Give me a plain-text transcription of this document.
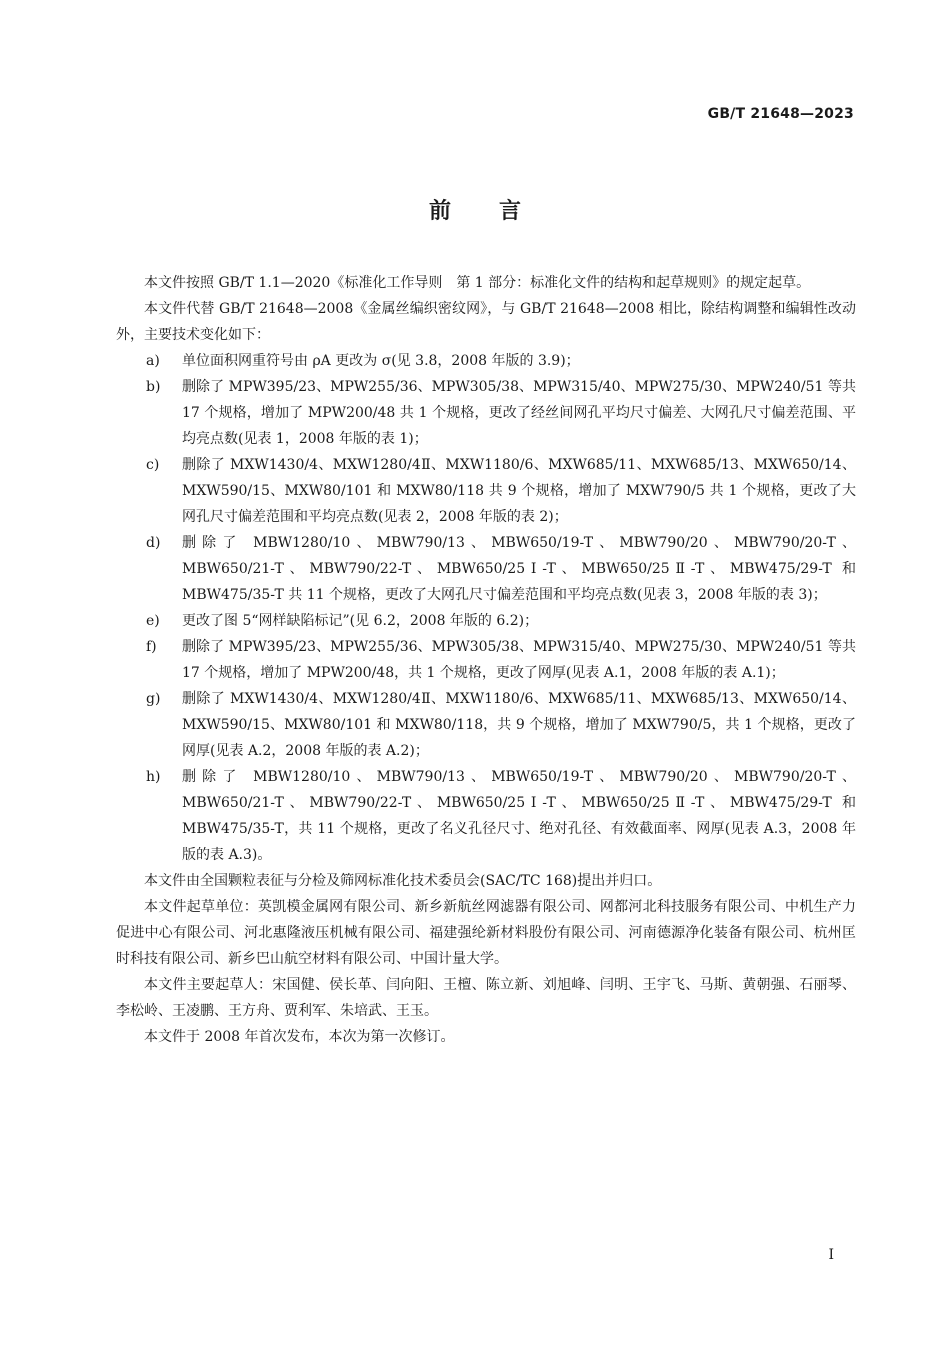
GB/T 21648—2023
前言
本文件按照 GB/T 1.1—2020《标准化工作导则　第 1 部分：标准化文件的结构和起草规则》的规定起草。
本文件代替 GB/T 21648—2008《金属丝编织密纹网》，与 GB/T 21648—2008 相比，除结构调整和编辑性改动外，主要技术变化如下：
a)	单位面积网重符号由 ρA 更改为 σ(见 3.8，2008 年版的 3.9)；
b)	删除了 MPW395/23、MPW255/36、MPW305/38、MPW315/40、MPW275/30、MPW240/51 等共 17 个规格，增加了 MPW200/48 共 1 个规格，更改了经丝间网孔平均尺寸偏差、大网孔尺寸偏差范围、平均亮点数(见表 1，2008 年版的表 1)；
c)	删除了 MXW1430/4、MXW1280/4Ⅱ、MXW1180/6、MXW685/11、MXW685/13、MXW650/14、MXW590/15、MXW80/101 和 MXW80/118 共 9 个规格，增加了 MXW790/5 共 1 个规格，更改了大网孔尺寸偏差范围和平均亮点数(见表 2，2008 年版的表 2)；
d)	删除了 MBW1280/10、MBW790/13、MBW650/19-T、MBW790/20、MBW790/20-T、MBW650/21-T、MBW790/22-T、MBW650/25Ⅰ-T、MBW650/25Ⅱ-T、MBW475/29-T 和 MBW475/35-T 共 11 个规格，更改了大网孔尺寸偏差范围和平均亮点数(见表 3，2008 年版的表 3)；
e)	更改了图 5“网样缺陷标记”(见 6.2，2008 年版的 6.2)；
f)	删除了 MPW395/23、MPW255/36、MPW305/38、MPW315/40、MPW275/30、MPW240/51 等共 17 个规格，增加了 MPW200/48，共 1 个规格，更改了网厚(见表 A.1，2008 年版的表 A.1)；
g)	删除了 MXW1430/4、MXW1280/4Ⅱ、MXW1180/6、MXW685/11、MXW685/13、MXW650/14、MXW590/15、MXW80/101 和 MXW80/118，共 9 个规格，增加了 MXW790/5，共 1 个规格，更改了网厚(见表 A.2，2008 年版的表 A.2)；
h)	删除了 MBW1280/10、MBW790/13、MBW650/19-T、MBW790/20、MBW790/20-T、MBW650/21-T、MBW790/22-T、MBW650/25Ⅰ-T、MBW650/25Ⅱ-T、MBW475/29-T 和 MBW475/35-T，共 11 个规格，更改了名义孔径尺寸、绝对孔径、有效截面率、网厚(见表 A.3，2008 年版的表 A.3)。
本文件由全国颗粒表征与分检及筛网标准化技术委员会(SAC/TC 168)提出并归口。
本文件起草单位：英凯模金属网有限公司、新乡新航丝网滤器有限公司、网都河北科技服务有限公司、中机生产力促进中心有限公司、河北惠隆液压机械有限公司、福建强纶新材料股份有限公司、河南德源净化装备有限公司、杭州匡时科技有限公司、新乡巴山航空材料有限公司、中国计量大学。
本文件主要起草人：宋国健、侯长革、闫向阳、王檀、陈立新、刘旭峰、闫明、王宇飞、马斯、黄朝强、石丽琴、李松岭、王凌鹏、王方舟、贾利军、朱培武、王玉。
本文件于 2008 年首次发布，本次为第一次修订。
I
